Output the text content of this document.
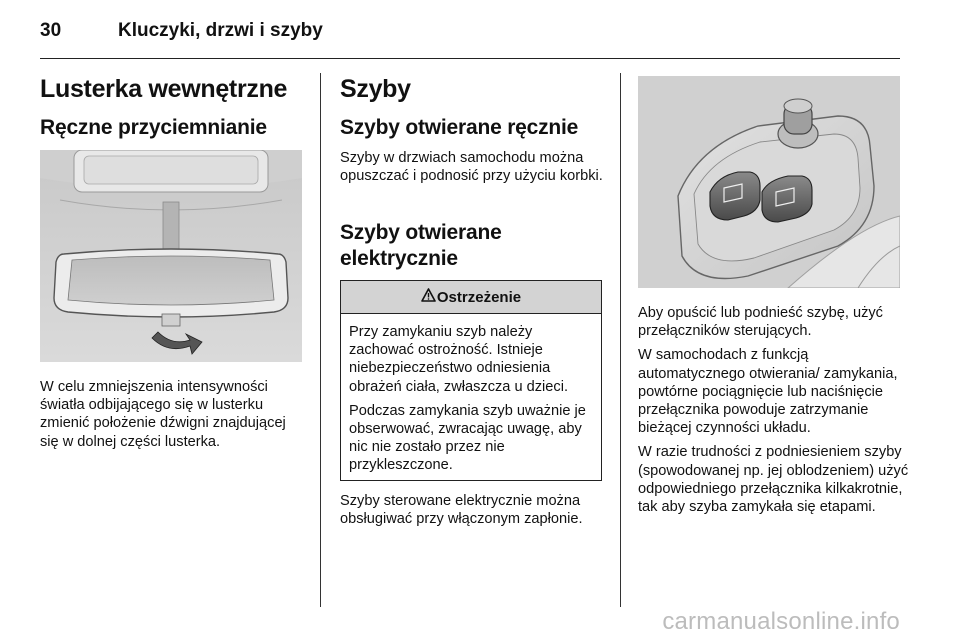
30	Kluczyki, drzwi i szyby
Lusterka wewnętrzne
Ręczne przyciemnianie
W celu zmniejszenia intensywności światła odbijającego się w lusterku zmienić położenie dźwigni znajdującej się w dolnej części lusterka.
Szyby
Szyby otwierane ręcznie
Szyby w drzwiach samochodu można opuszczać i podnosić przy użyciu korbki.
Szyby otwierane
elektrycznie
Ostrzeżenie

Przy zamykaniu szyb należy zachować ostrożność. Istnieje niebezpieczeństwo odniesienia obrażeń ciała, zwłaszcza u dzieci.

Podczas zamykania szyb uważnie je obserwować, zwracając uwagę, aby nic nie zostało przez nie przykleszczone.

Szyby sterowane elektrycznie można obsługiwać przy włączonym zapłonie.

Aby opuścić lub podnieść szybę, użyć przełączników sterujących.

W samochodach z funkcją automatycznego otwierania/ zamykania, powtórne pociągnięcie lub naciśnięcie przełącznika powoduje zatrzymanie bieżącej czynności układu.

W razie trudności z podniesieniem szyby (spowodowanej np. jej oblodzeniem) użyć odpowiedniego przełącznika kilkakrotnie, tak aby szyba zamykała się etapami.

carmanualsonline.info
